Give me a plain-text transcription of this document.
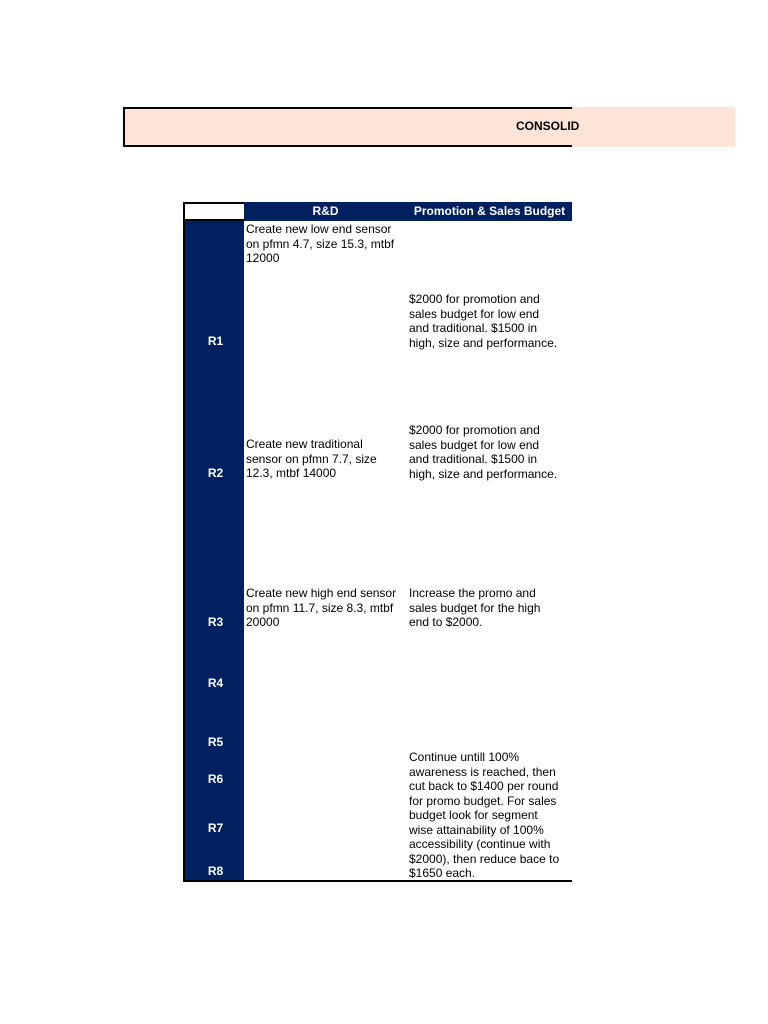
CONSOLID
R&D	Promotion & Sales Budget
R1
R2
R3
R4
R5
R6
R7
R8
Create new low end sensor
on pfmn 4.7, size 15.3, mtbf
12000
$2000 for promotion and
sales budget for low end
and traditional. $1500 in
high, size and performance.
Create new traditional
sensor on pfmn 7.7, size
12.3, mtbf 14000
$2000 for promotion and
sales budget for low end
and traditional. $1500 in
high, size and performance.
Create new high end sensor
on pfmn 11.7, size 8.3, mtbf
20000
Increase the promo and
sales budget for the high
end to $2000.
Continue untill 100%
awareness is reached, then
cut back to $1400 per round
for promo budget. For sales
budget look for segment
wise attainability of 100%
accessibility (continue with
$2000), then reduce bace to
$1650 each.
